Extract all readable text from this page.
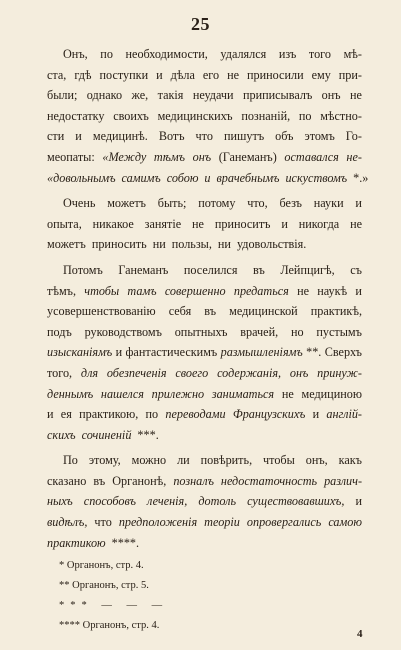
25
Онъ, по необходимости, удалялся изъ того мѣ-
ста, гдѣ поступки и дѣла его не приносили ему при-
были; однако же, такія неудачи приписывалъ онъ не
недостатку своихъ медицинскихъ познаній, по мѣстно-
сти и медицинѣ. Вотъ что пишутъ объ этомъ Го-
меопаты: «Между тѣмъ онъ (Ганеманъ) оставался не-
«довольнымъ самимъ собою и врачебнымъ искуствомъ *.»
Очень можетъ быть; потому что, безъ науки и
опыта, никакое занятіе не приноситъ и никогда не
можетъ приносить ни пользы, ни удовольствія.
Потомъ Ганеманъ поселился въ Лейпцигѣ, съ
тѣмъ, чтобы тамъ совершенно предаться не наукѣ и
усовершенствованію себя въ медицинской практикѣ,
подъ руководствомъ опытныхъ врачей, но пустымъ
изысканіямъ и фантастическимъ размышленіямъ **. Сверхъ
того, для обезпеченія своего содержанія, онъ принуж-
деннымъ нашелся прилежно заниматься не медициною
и ея практикою, по переводами Французскихъ и англій-
скихъ сочиненій ***.
По этому, можно ли повѣрить, чтобы онъ, какъ
сказано въ Органонѣ, позналъ недостаточность различ-
ныхъ способовъ леченія, дотоль существовавшихъ, и
видѣлъ, что предположенія теоріи опровергались самою
практикою ****.
* Органонъ, стр. 4.
** Органонъ, стр. 5.
*** — — —
**** Органонъ, стр. 4.
4
